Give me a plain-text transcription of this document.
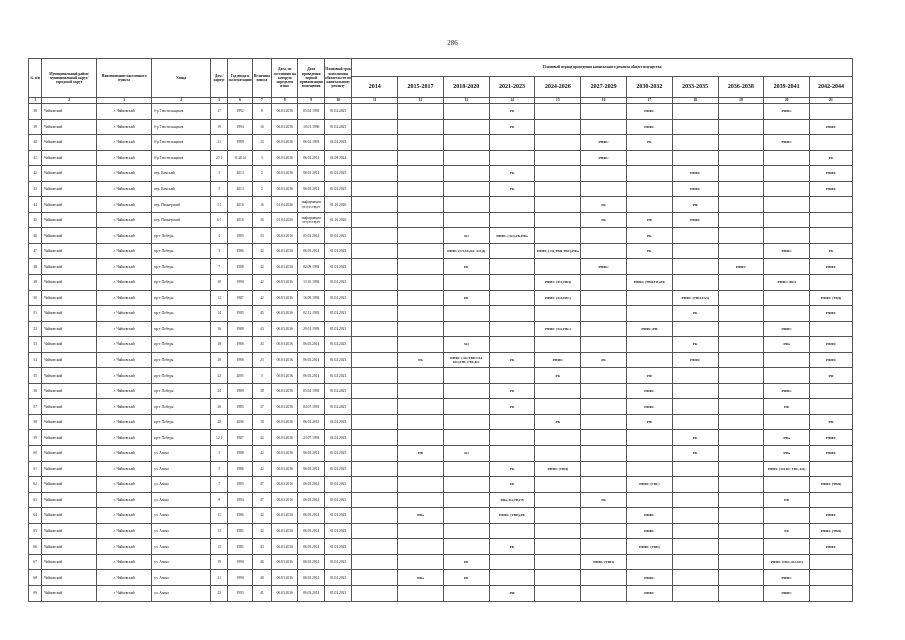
286
№ п/п	Муниципальный район/муниципальный округ/городской округ	Наименование населенного пункта	Улица	Дом / корпус	Год ввода в эксплуатацию	Величина износа	Дата, по состоянию на которую определен износ	Дата проведения первой приватизации помещения	Плановый срок исполнения обязательств по капитальному ремонту	Плановый период проведения капитального ремонта общего имущества										
										2014	2015-2017	2018-2020	2021-2023	2024-2026	2027-2029	2030-2032	2033-2035	2036-2038	2039-2041	2042-2044
1	2	3	4	5	6	7	8	9	10	11	12	13	14	15	16	17	18	19	20	21
38	Чайковский	г. Чайковский	б-р Текстильщиков	17	1992	8	06.03.2016	05.02.1993	01.02.2023				РК			РФФС			РФФС	
39	Чайковский	г. Чайковский	б-р Текстильщиков	19	1994	16	06.03.2016	10.01.1996	01.02.2023				РК			РФФС				РФФС
40	Чайковский	г. Чайковский	б-р Текстильщиков	21	1989	23	06.03.2016	06.02.1991	01.02.2023						РФФС	РК			РФФС	
41	Чайковский	г. Чайковский	б-р Текстильщиков	23 1	11.2014	3	06.03.2016	06.03.2014	01.08.2024						РФФС					РК
42	Чайковский	г. Чайковский	пер. Камский	3	2013	2	06.03.2016	08.03.2014	01.02.2023				РК				РФФС			РФФС
43	Чайковский	г. Чайковский	пер. Камский	5	2013	2	06.03.2016	06.03.2014	01.02.2023				РК				РФФС			РФФС
44	Чайковский	г. Чайковский	пер. Пионерский	3 1	2016	16	01.04.2026	информация отсутствует	01.10.2026						РК		РФ			
45	Чайковский	г. Чайковский	пер. Пионерский	6 1	2016	16	01.04.2026	информация отсутствует	01.10.2026						РК	РФ	РФФС			
46	Чайковский	г. Чайковский	пр-т Победы	4	1985	33	06.03.2016	05.03.2014	01.02.2023			ХО	РФФС (ЭО),ГК,РФа			РК				
47	Чайковский	г. Чайковский	пр-т Победы	5	1986	42	06.03.2016	06.03.2014	01.02.2023			РФФС (ГЛ,ХО,КС ЭО,Д)		РФФС (ЭО,ТВП ТВС),РФа		РК			РФФС	РК
48	Чайковский	г. Чайковский	пр-т Победы	7	1988	42	06.03.2016	02.09.1992	01.02.2023			РК			РФФС			РФФС		РФФС
49	Чайковский	г. Чайковский	пр-т Победы	10	1990	42	06.03.2016	13.10.1992	01.02.2023					РФФС (ЭО,ТВП)		РФФС (ТВП,ГВ),РК			РФФС (ВО)	
50	Чайковский	г. Чайковский	пр-т Победы	12	1987	42	06.03.2016	16.09.1992	01.02.2023			РК		РФФС (ЭО,ТВС)			РФФС (ТВП,ГАЗ)			РФФС (ТВД)
51	Чайковский	г. Чайковский	пр-т Победы	14	1985	45	06.03.2016	02.12.1992	01.02.2023								РК			РФФС
52	Чайковский	г. Чайковский	пр-т Победы	16	1988	43	06.03.2016	29.01.1993	01.02.2023					РФФС (ЭО,ГВС)		РФФС,РФ			РФФС	
53	Чайковский	г. Чайковский	пр-т Победы	18	1986	43	06.03.2016	06.03.2014	01.02.2023			ХО					РК		РФа	РФФС
54	Чайковский	г. Чайковский	пр-т Победы	20	1986	23	06.03.2016	06.03.2014	01.02.2023		РК	РФФС (ЭО,ТВП ГАЗ ХО),ТВС ГВС,КС	РК	РФФС	РК		РФФС			РФФС
55	Чайковский	г. Чайковский	пр-т Победы	22	2005	5	06.03.2016	06.03.2014	01.02.2023					РК		РФ				РФ
56	Чайковский	г. Чайковский	пр-т Победы	24	1989	38	06.03.2016	05.02.1993	01.02.2023				РК			РФФС			РФФС	
57	Чайковский	г. Чайковский	пр-т Победы	26	1985	37	06.03.2016	04.07.1991	01.02.2023				РК			РФФС			РФ	
58	Чайковский	г. Чайковский	пр-т Победы	28	2006	18	06.03.2016	06.03.2013	01.02.2023					РК		РФ				РФ
59	Чайковский	г. Чайковский	пр-т Победы	12 1	1987	42	06.03.2016	23.07.1993	01.02.2023								РК		РФа	РФФС
60	Чайковский	г. Чайковский	ул. Азина	3	1988	42	06.03.2016	06.03.2014	01.02.2023		РФ	ХО					РК		РФа	РФФС
61	Чайковский	г. Чайковский	ул. Азина	5	1986	42	06.03.2016	06.03.2014	01.02.2023				РК	РФФС (ТВП)					РФФС (ЭО,КС ГВС,ХО)	
62	Чайковский	г. Чайковский	ул. Азина	7	1985	47	06.03.2016	06.03.2014	01.02.2023				РК			РФФС (ГВС)				РФФС (ТВП)
63	Чайковский	г. Чайковский	ул. Азина	9	1994	47	06.03.2016	06.03.2014	01.02.2023				РФа,ЭО,ТВ,ГВ		РК				РФ	
64	Чайковский	г. Чайковский	ул. Азина	11	1986	42	06.03.2016	06.03.2014	01.02.2023		РФа		РФФС (ТВП),РК			РФФС				РФФС
65	Чайковский	г. Чайковский	ул. Азина	13	1985	42	06.03.2016	06.03.2014	01.02.2023							РФФС			РК	РФФС (ТВП)
66	Чайковский	г. Чайковский	ул. Азина	15	1985	43	06.03.2016	06.03.2014	01.02.2023				РК			РФФС (ТВП)				РФФС
67	Чайковский	г. Чайковский	ул. Азина	19	1990	46	06.03.2016	06.03.2014	01.02.2023			РК			РФФС (ТВП)				РФФС (ТВС,ЭО,ХО)	
68	Чайковский	г. Чайковский	ул. Азина	21	1990	40	06.03.2016	06.03.2014	01.02.2023		РФа	РК				РФФС			РФФС	
69	Чайковский	г. Чайковский	ул. Азина	23	1993	41	06.03.2016	06.03.2014	01.02.2023				РФ			РФФС			РФФС	
